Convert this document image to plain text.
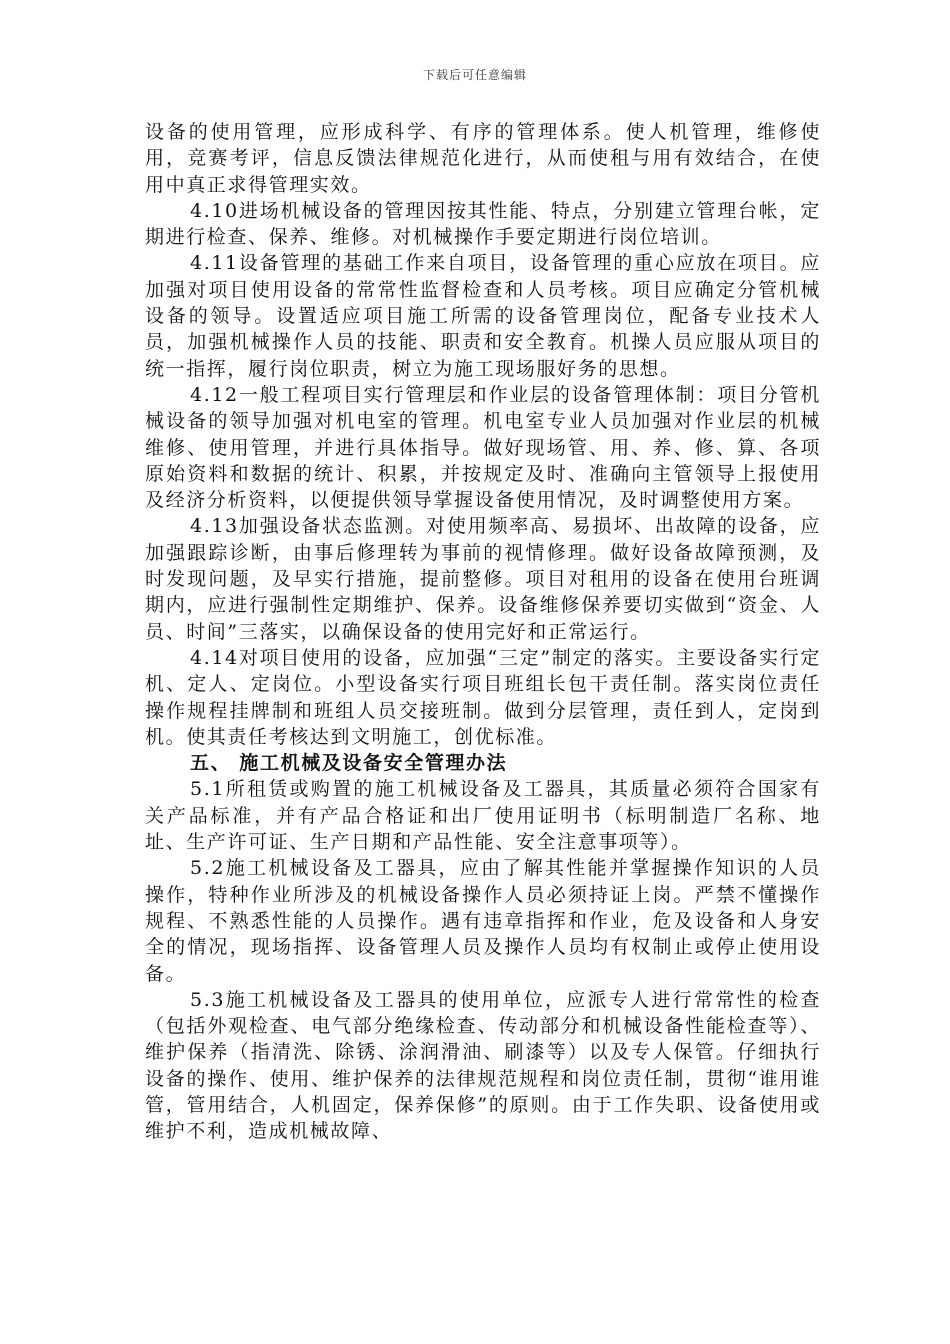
下载后可任意编辑

设备的使用管理，应形成科学、有序的管理体系。使人机管理，维修使用，竞赛考评，信息反馈法律规范化进行，从而使租与用有效结合，在使用中真正求得管理实效。

4.10进场机械设备的管理因按其性能、特点，分别建立管理台帐，定期进行检查、保养、维修。对机械操作手要定期进行岗位培训。

4.11设备管理的基础工作来自项目，设备管理的重心应放在项目。应加强对项目使用设备的常常性监督检查和人员考核。项目应确定分管机械设备的领导。设置适应项目施工所需的设备管理岗位，配备专业技术人员，加强机械操作人员的技能、职责和安全教育。机操人员应服从项目的统一指挥，履行岗位职责，树立为施工现场服好务的思想。

4.12一般工程项目实行管理层和作业层的设备管理体制：项目分管机械设备的领导加强对机电室的管理。机电室专业人员加强对作业层的机械维修、使用管理，并进行具体指导。做好现场管、用、养、修、算、各项原始资料和数据的统计、积累，并按规定及时、准确向主管领导上报使用及经济分析资料，以便提供领导掌握设备使用情况，及时调整使用方案。

4.13加强设备状态监测。对使用频率高、易损坏、出故障的设备，应加强跟踪诊断，由事后修理转为事前的视情修理。做好设备故障预测，及时发现问题，及早实行措施，提前整修。项目对租用的设备在使用台班调期内，应进行强制性定期维护、保养。设备维修保养要切实做到“资金、人员、时间”三落实，以确保设备的使用完好和正常运行。

4.14对项目使用的设备，应加强“三定”制定的落实。主要设备实行定机、定人、定岗位。小型设备实行项目班组长包干责任制。落实岗位责任操作规程挂牌制和班组人员交接班制。做到分层管理，责任到人，定岗到机。使其责任考核达到文明施工，创优标准。

五、 施工机械及设备安全管理办法

5.1所租赁或购置的施工机械设备及工器具，其质量必须符合国家有关产品标准，并有产品合格证和出厂使用证明书（标明制造厂名称、地址、生产许可证、生产日期和产品性能、安全注意事项等）。

5.2施工机械设备及工器具，应由了解其性能并掌握操作知识的人员操作，特种作业所涉及的机械设备操作人员必须持证上岗。严禁不懂操作规程、不熟悉性能的人员操作。遇有违章指挥和作业，危及设备和人身安全的情况，现场指挥、设备管理人员及操作人员均有权制止或停止使用设备。

5.3施工机械设备及工器具的使用单位，应派专人进行常常性的检查（包括外观检查、电气部分绝缘检查、传动部分和机械设备性能检查等）、维护保养（指清洗、除锈、涂润滑油、刷漆等）以及专人保管。仔细执行设备的操作、使用、维护保养的法律规范规程和岗位责任制，贯彻“谁用谁管，管用结合，人机固定，保养保修”的原则。由于工作失职、设备使用或维护不利，造成机械故障、
